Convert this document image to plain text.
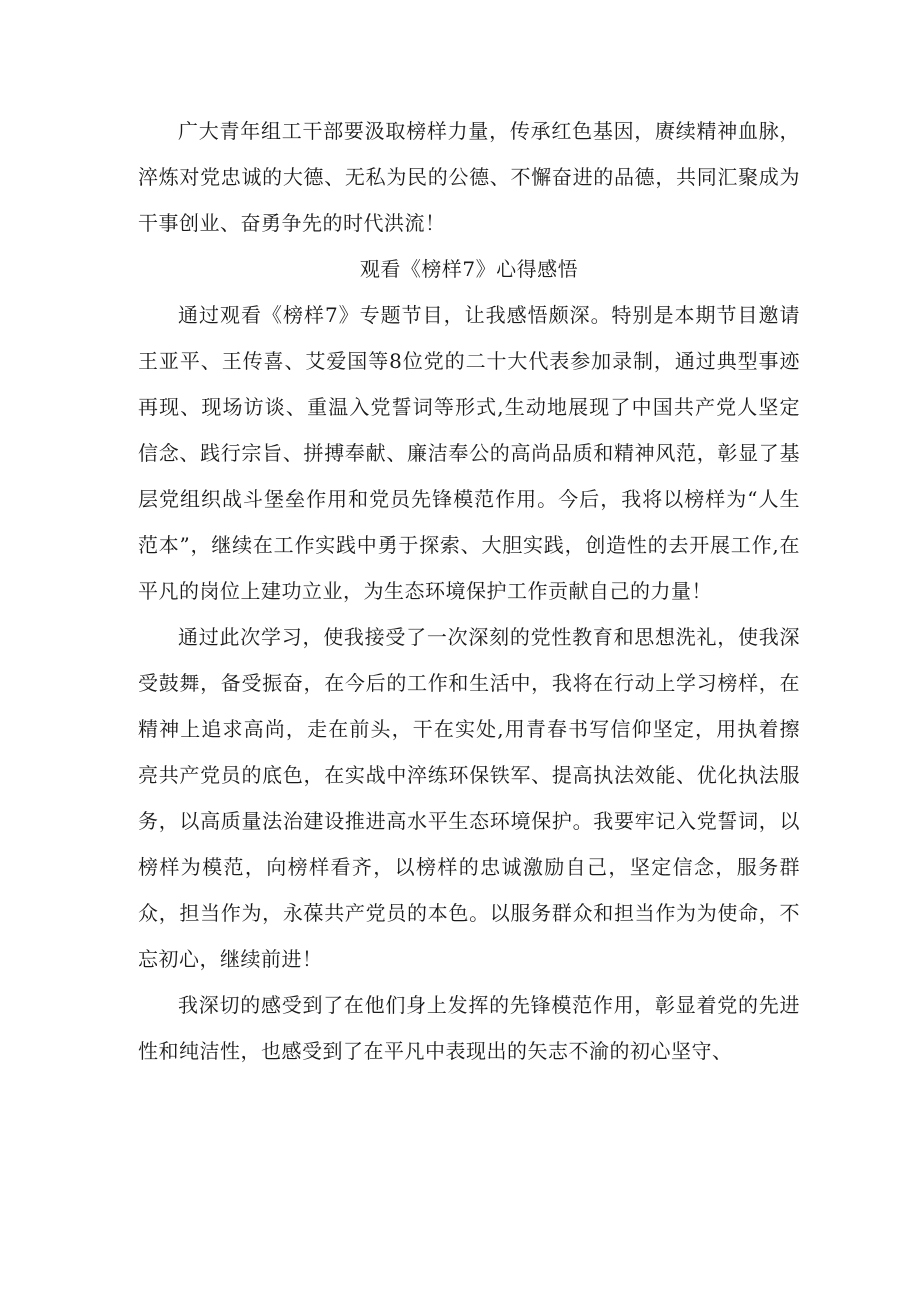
广大青年组工干部要汲取榜样力量，传承红色基因，赓续精神血脉，淬炼对党忠诚的大德、无私为民的公德、不懈奋进的品德，共同汇聚成为干事创业、奋勇争先的时代洪流！

观看《榜样7》心得感悟

通过观看《榜样7》专题节目，让我感悟颇深。特别是本期节目邀请王亚平、王传喜、艾爱国等8位党的二十大代表参加录制，通过典型事迹再现、现场访谈、重温入党誓词等形式,生动地展现了中国共产党人坚定信念、践行宗旨、拼搏奉献、廉洁奉公的高尚品质和精神风范，彰显了基层党组织战斗堡垒作用和党员先锋模范作用。今后，我将以榜样为“人生范本”，继续在工作实践中勇于探索、大胆实践，创造性的去开展工作,在平凡的岗位上建功立业，为生态环境保护工作贡献自己的力量！

通过此次学习，使我接受了一次深刻的党性教育和思想洗礼，使我深受鼓舞，备受振奋，在今后的工作和生活中，我将在行动上学习榜样，在精神上追求高尚，走在前头，干在实处,用青春书写信仰坚定，用执着擦亮共产党员的底色，在实战中淬练环保铁军、提高执法效能、优化执法服务，以高质量法治建设推进高水平生态环境保护。我要牢记入党誓词，以榜样为模范，向榜样看齐，以榜样的忠诚激励自己，坚定信念，服务群众，担当作为，永葆共产党员的本色。以服务群众和担当作为为使命，不忘初心，继续前进！

我深切的感受到了在他们身上发挥的先锋模范作用，彰显着党的先进性和纯洁性，也感受到了在平凡中表现出的矢志不渝的初心坚守、
